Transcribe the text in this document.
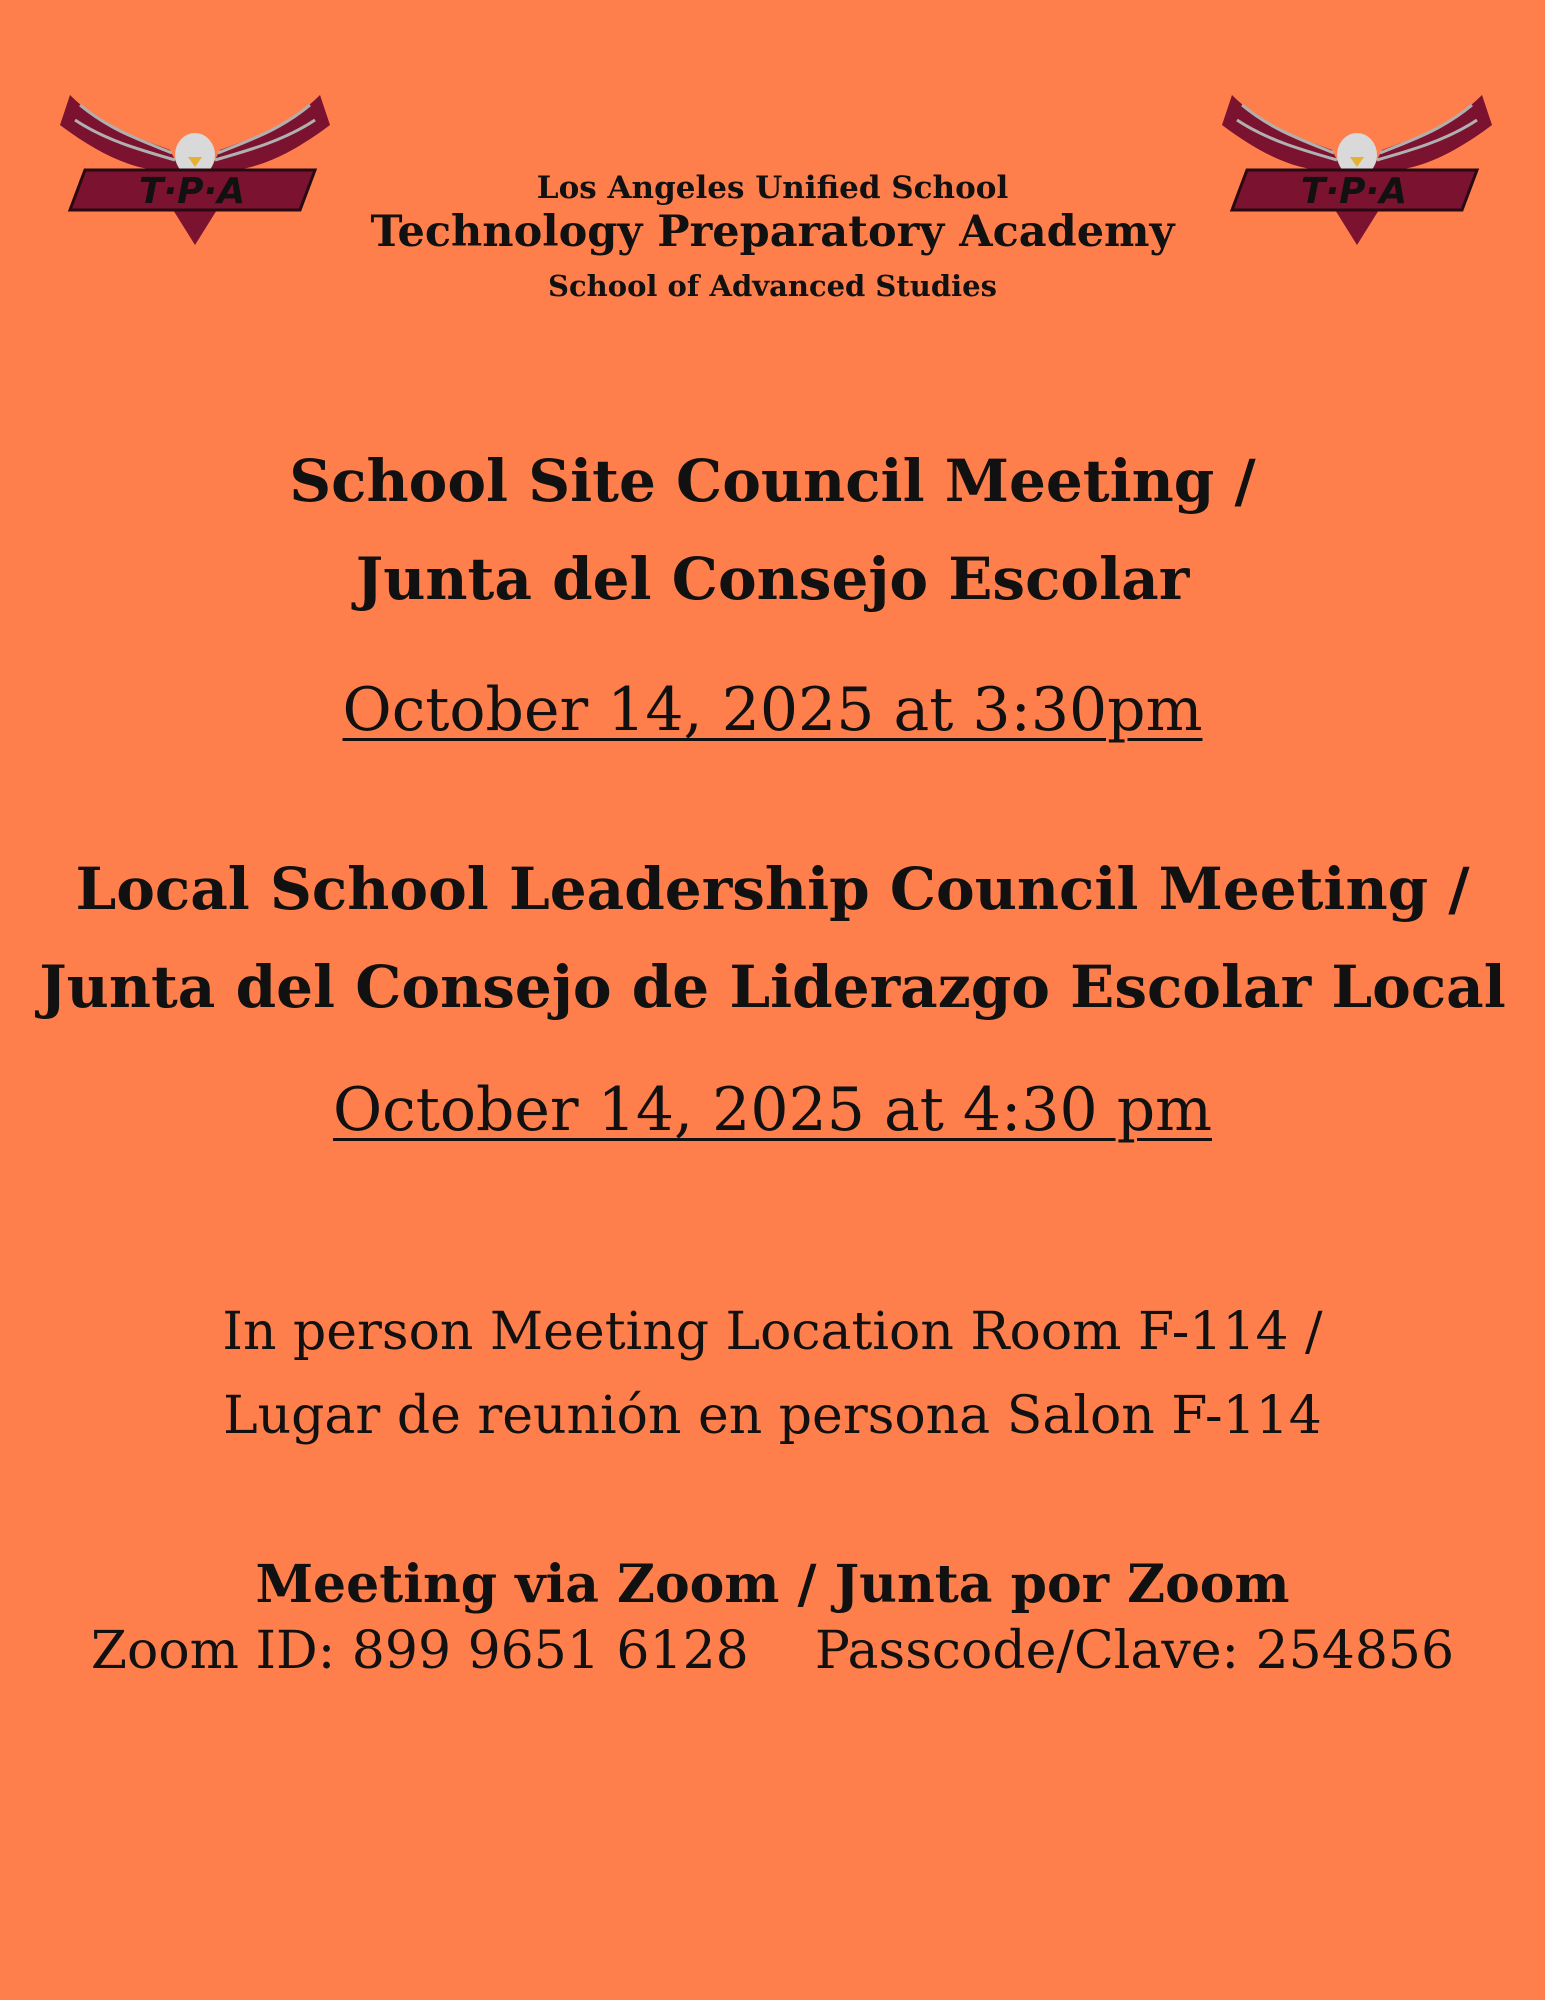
T·P·A	T·P·A
Los Angeles Unified School
Technology Preparatory Academy
School of Advanced Studies
School Site Council Meeting /
Junta del Consejo Escolar
October 14, 2025 at 3:30pm
Local School Leadership Council Meeting /
Junta del Consejo de Liderazgo Escolar Local
October 14, 2025 at 4:30 pm
In person Meeting Location Room F-114 /
Lugar de reunión en persona Salon F-114
Meeting via Zoom / Junta por Zoom
Zoom ID: 899 9651 6128 Passcode/Clave: 254856
